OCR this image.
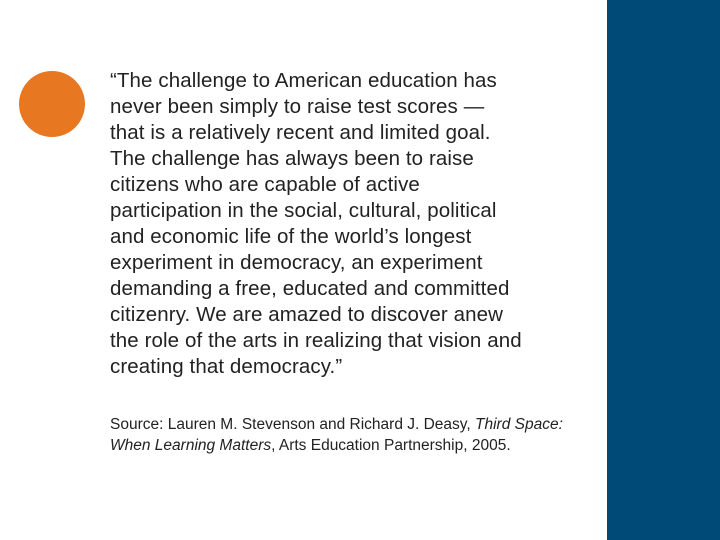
“The challenge to American education has
never been simply to raise test scores —
that is a relatively recent and limited goal.
The challenge has always been to raise
citizens who are capable of active
participation in the social, cultural, political
and economic life of the world’s longest
experiment in democracy, an experiment
demanding a free, educated and committed
citizenry. We are amazed to discover anew
the role of the arts in realizing that vision and
creating that democracy.”

Source: Lauren M. Stevenson and Richard J. Deasy, Third Space: When Learning Matters, Arts Education Partnership, 2005.
